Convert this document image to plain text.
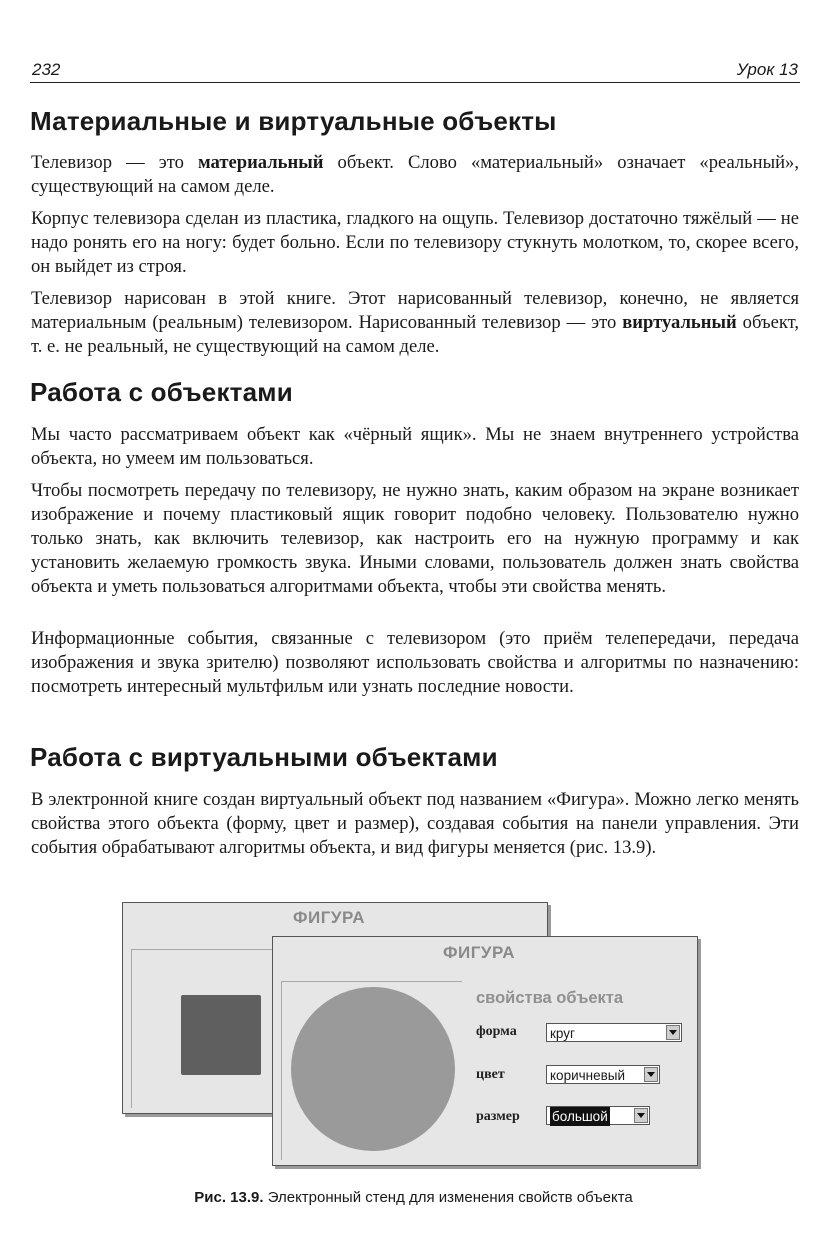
232	Урок 13
Материальные и виртуальные объекты

Телевизор — это материальный объект. Слово «материальный» означает «реальный», существующий на самом деле.

Корпус телевизора сделан из пластика, гладкого на ощупь. Телевизор достаточно тяжёлый — не надо ронять его на ногу: будет больно. Если по телевизору стукнуть молотком, то, скорее всего, он выйдет из строя.

Телевизор нарисован в этой книге. Этот нарисованный телевизор, конечно, не является материальным (реальным) телевизором. Нарисованный телевизор — это виртуальный объект, т. е. не реальный, не существующий на самом деле.

Работа с объектами

Мы часто рассматриваем объект как «чёрный ящик». Мы не знаем внутреннего устройства объекта, но умеем им пользоваться.

Чтобы посмотреть передачу по телевизору, не нужно знать, каким образом на экране возникает изображение и почему пластиковый ящик говорит подобно человеку. Пользователю нужно только знать, как включить телевизор, как настроить его на нужную программу и как установить желаемую громкость звука. Иными словами, пользователь должен знать свойства объекта и уметь пользоваться алгоритмами объекта, чтобы эти свойства менять.

Информационные события, связанные с телевизором (это приём телепередачи, передача изображения и звука зрителю) позволяют использовать свойства и алгоритмы по назначению: посмотреть интересный мультфильм или узнать последние новости.

Работа с виртуальными объектами

В электронной книге создан виртуальный объект под названием «Фигура». Можно легко менять свойства этого объекта (форму, цвет и размер), создавая события на панели управления. Эти события обрабатывают алгоритмы объекта, и вид фигуры меняется (рис. 13.9).

ФИГУРА
ФИГУРА
свойства объекта
форма круг
цвет	коричневый
размер большой
Рис. 13.9. Электронный стенд для изменения свойств объекта
